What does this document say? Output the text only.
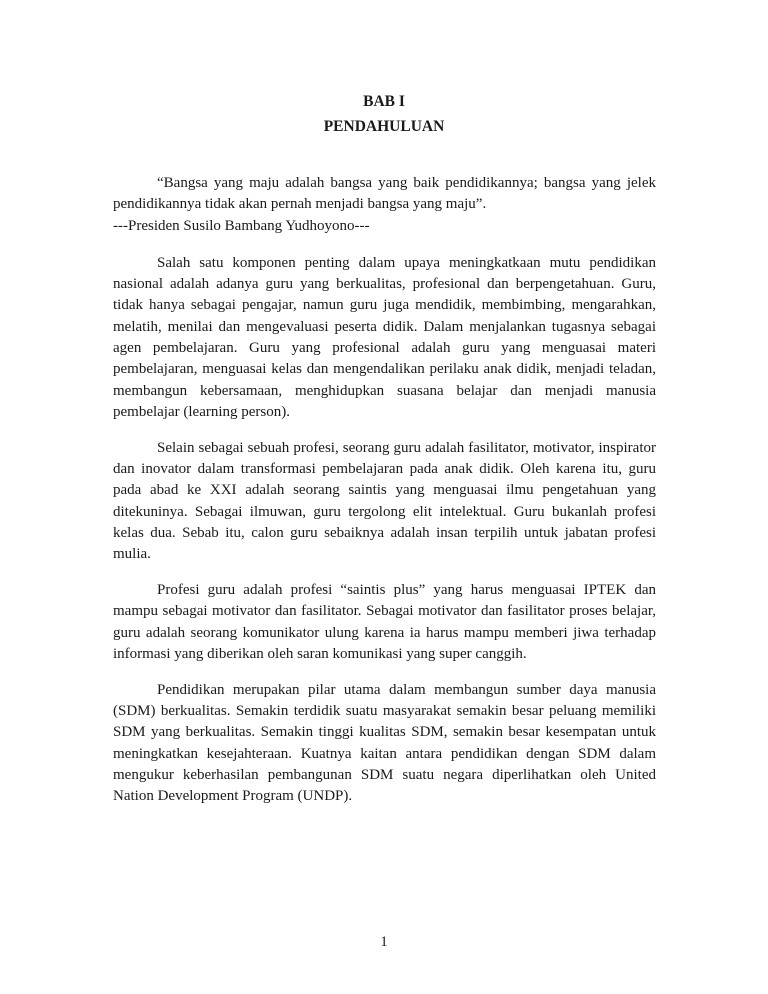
BAB I
PENDAHULUAN

“Bangsa yang maju adalah bangsa yang baik pendidikannya; bangsa yang jelek pendidikannya tidak akan pernah menjadi bangsa yang maju”.

---Presiden Susilo Bambang Yudhoyono---

Salah satu komponen penting dalam upaya meningkatkaan mutu pendidikan nasional adalah adanya guru yang berkualitas, profesional dan berpengetahuan. Guru, tidak hanya sebagai pengajar, namun guru juga mendidik, membimbing, mengarahkan, melatih, menilai dan mengevaluasi peserta didik. Dalam menjalankan tugasnya sebagai agen pembelajaran. Guru yang profesional adalah guru yang menguasai materi pembelajaran, menguasai kelas dan mengendalikan perilaku anak didik, menjadi teladan, membangun kebersamaan, menghidupkan suasana belajar dan menjadi manusia pembelajar (learning person).

Selain sebagai sebuah profesi, seorang guru adalah fasilitator, motivator, inspirator dan inovator dalam transformasi pembelajaran pada anak didik. Oleh karena itu, guru pada abad ke XXI adalah seorang saintis yang menguasai ilmu pengetahuan yang ditekuninya. Sebagai ilmuwan, guru tergolong elit intelektual. Guru bukanlah profesi kelas dua. Sebab itu, calon guru sebaiknya adalah insan terpilih untuk jabatan profesi mulia.

Profesi guru adalah profesi “saintis plus” yang harus menguasai IPTEK dan mampu sebagai motivator dan fasilitator. Sebagai motivator dan fasilitator proses belajar, guru adalah seorang komunikator ulung karena ia harus mampu memberi jiwa terhadap informasi yang diberikan oleh saran komunikasi yang super canggih.

Pendidikan merupakan pilar utama dalam membangun sumber daya manusia (SDM) berkualitas. Semakin terdidik suatu masyarakat semakin besar peluang memiliki SDM yang berkualitas. Semakin tinggi kualitas SDM, semakin besar kesempatan untuk meningkatkan kesejahteraan. Kuatnya kaitan antara pendidikan dengan SDM dalam mengukur keberhasilan pembangunan SDM suatu negara diperlihatkan oleh United Nation Development Program (UNDP).

1
